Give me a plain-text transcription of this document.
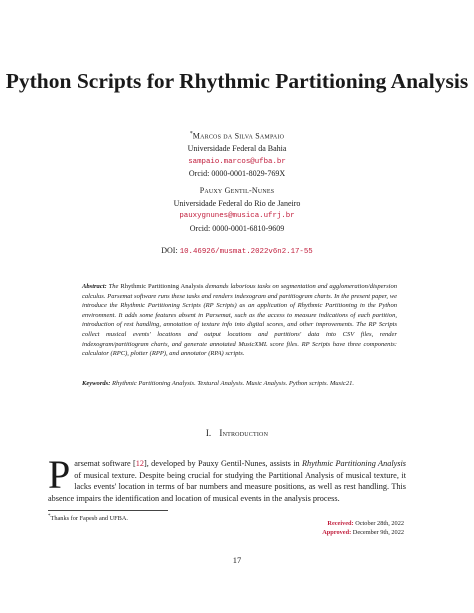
Python Scripts for Rhythmic Partitioning Analysis
*Marcos da Silva Sampaio
Universidade Federal da Bahia
sampaio.marcos@ufba.br
Orcid: 0000-0001-8029-769X
Pauxy Gentil-Nunes
Universidade Federal do Rio de Janeiro
pauxygnunes@musica.ufrj.br
Orcid: 0000-0001-6810-9609
DOI: 10.46926/musmat.2022v6n2.17-55
Abstract: The Rhythmic Partitioning Analysis demands laborious tasks on segmentation and agglomeration/dispersion calculus. Parsemat software runs these tasks and renders indexogram and partitiogram charts. In the present paper, we introduce the Rhythmic Partitioning Scripts (RP Scripts) as an application of Rhythmic Partitioning in the Python environment. It adds some features absent in Parsemat, such as the access to measure indications of each partition, introduction of rest handling, annotation of texture info into digital scores, and other improvements. The RP Scripts collect musical events' locations and output locations and partitions' data into CSV files, render indexogram/partitiogram charts, and generate annotated MusicXML score files. RP Scripts have three components: calculator (RPC), plotter (RPP), and annotator (RPA) scripts.
Keywords: Rhythmic Partitioning Analysis. Textural Analysis. Music Analysis. Python scripts. Music21.
I. Introduction
Parsemat software [12], developed by Pauxy Gentil-Nunes, assists in Rhythmic Partitioning Analysis of musical texture. Despite being crucial for studying the Partitional Analysis of musical texture, it lacks events' location in terms of bar numbers and measure positions, as well as rest handling. This absence impairs the identification and location of musical events in the analysis process.
*Thanks for Fapesb and UFBA.
Received: October 28th, 2022
Approved: December 9th, 2022
17
